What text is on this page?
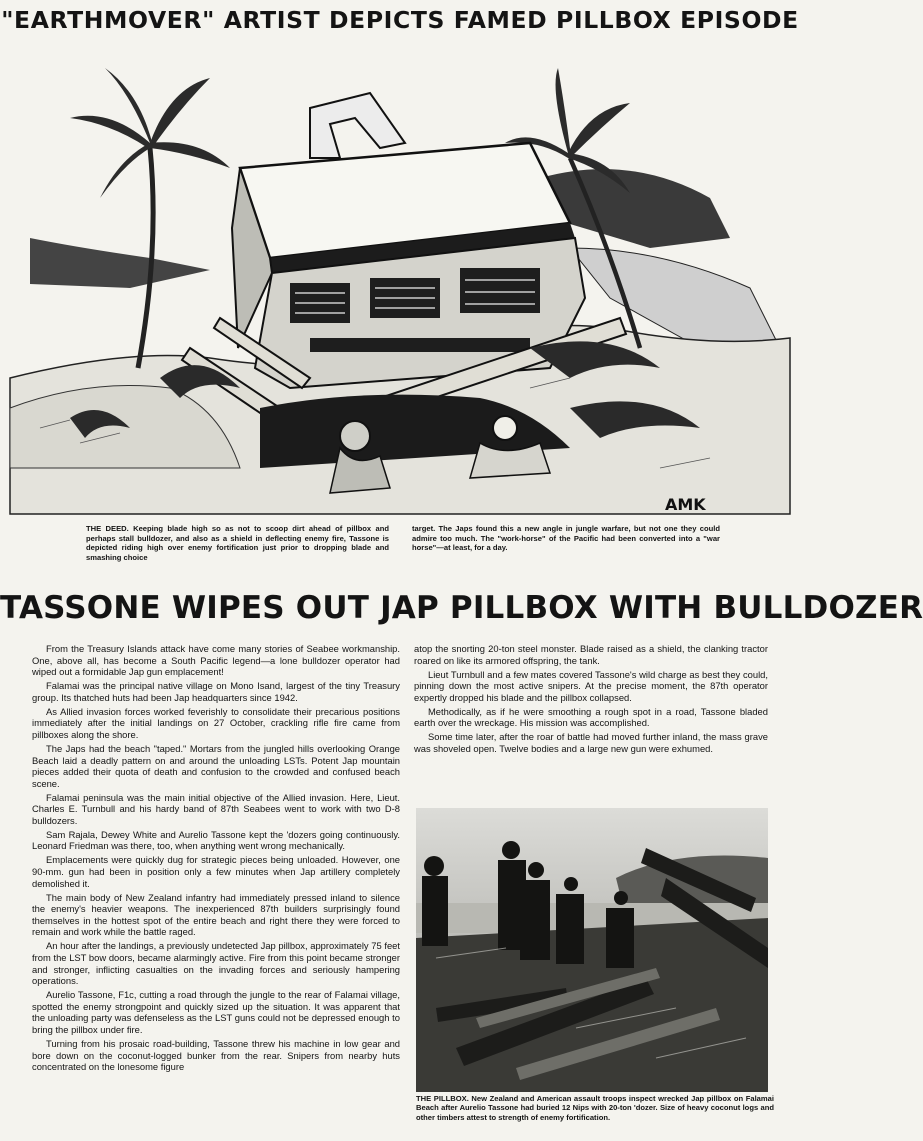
"EARTHMOVER" ARTIST DEPICTS FAMED PILLBOX EPISODE
AMK
THE DEED. Keeping blade high so as not to scoop dirt ahead of pillbox and perhaps stall bulldozer, and also as a shield in deflecting enemy fire, Tassone is depicted riding high over enemy fortification just prior to dropping blade and smashing choice
target. The Japs found this a new angle in jungle warfare, but not one they could admire too much. The "work-horse" of the Pacific had been converted into a "war horse"—at least, for a day.
TASSONE WIPES OUT JAP PILLBOX WITH BULLDOZER

From the Treasury Islands attack have come many stories of Seabee workmanship. One, above all, has become a South Pacific legend—a lone bulldozer operator had wiped out a formidable Jap gun emplacement!

Falamai was the principal native village on Mono Isand, largest of the tiny Treasury group. Its thatched huts had been Jap headquarters since 1942.

As Allied invasion forces worked feverishly to consolidate their precarious positions immediately after the initial landings on 27 October, crackling rifle fire came from pillboxes along the shore.

The Japs had the beach "taped." Mortars from the jungled hills overlooking Orange Beach laid a deadly pattern on and around the unloading LSTs. Potent Jap mountain pieces added their quota of death and confusion to the crowded and confused beach scene.

Falamai peninsula was the main initial objective of the Allied invasion. Here, Lieut. Charles E. Turnbull and his hardy band of 87th Seabees went to work with two D-8 bulldozers.

Sam Rajala, Dewey White and Aurelio Tassone kept the 'dozers going continuously. Leonard Friedman was there, too, when anything went wrong mechanically.

Emplacements were quickly dug for strategic pieces being unloaded. However, one 90-mm. gun had been in position only a few minutes when Jap artillery completely demolished it.

The main body of New Zealand infantry had immediately pressed inland to silence the enemy's heavier weapons. The inexperienced 87th builders surprisingly found themselves in the hottest spot of the entire beach and right there they were forced to remain and work while the battle raged.

An hour after the landings, a previously undetected Jap pillbox, approximately 75 feet from the LST bow doors, became alarmingly active. Fire from this point became stronger and stronger, inflicting casualties on the invading forces and seriously hampering operations.

Aurelio Tassone, F1c, cutting a road through the jungle to the rear of Falamai village, spotted the enemy strongpoint and quickly sized up the situation. It was apparent that the unloading party was defenseless as the LST guns could not be depressed enough to bring the pillbox under fire.

Turning from his prosaic road-building, Tassone threw his machine in low gear and bore down on the coconut-logged bunker from the rear. Snipers from nearby huts concentrated on the lonesome figure

atop the snorting 20-ton steel monster. Blade raised as a shield, the clanking tractor roared on like its armored offspring, the tank.

Lieut Turnbull and a few mates covered Tassone's wild charge as best they could, pinning down the most active snipers. At the precise moment, the 87th operator expertly dropped his blade and the pillbox collapsed.

Methodically, as if he were smoothing a rough spot in a road, Tassone bladed earth over the wreckage. His mission was accomplished.

Some time later, after the roar of battle had moved further inland, the mass grave was shoveled open. Twelve bodies and a large new gun were exhumed.

THE PILLBOX. New Zealand and American assault troops inspect wrecked Jap pillbox on Falamai Beach after Aurelio Tassone had buried 12 Nips with 20-ton 'dozer. Size of heavy coconut logs and other timbers attest to strength of enemy fortification.
